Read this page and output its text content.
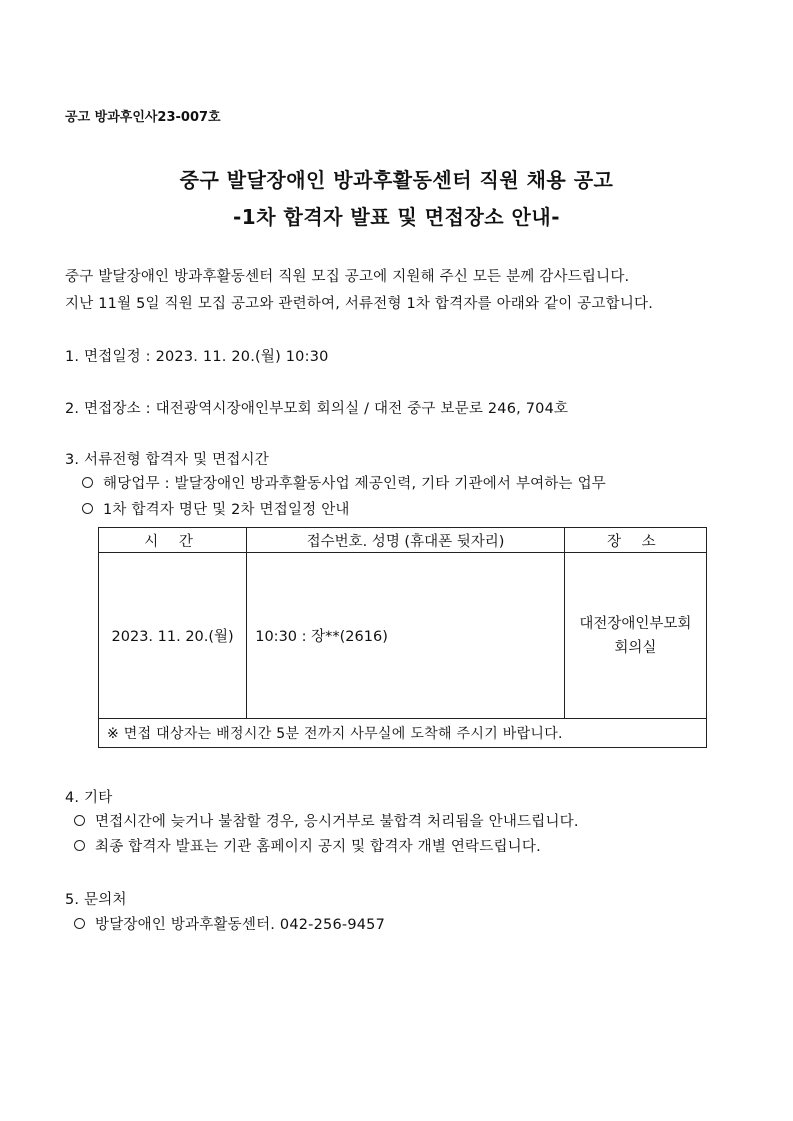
공고 방과후인사23-007호
중구 발달장애인 방과후활동센터 직원 채용 공고
-1차 합격자 발표 및 면접장소 안내-
중구 발달장애인 방과후활동센터 직원 모집 공고에 지원해 주신 모든 분께 감사드립니다.
지난 11월 5일 직원 모집 공고와 관련하여, 서류전형 1차 합격자를 아래와 같이 공고합니다.
1. 면접일정 : 2023. 11. 20.(월) 10:30
2. 면접장소 : 대전광역시장애인부모회 회의실 / 대전 중구 보문로 246, 704호
3. 서류전형 합격자 및 면접시간
해당업무 : 발달장애인 방과후활동사업 제공인력, 기타 기관에서 부여하는 업무
1차 합격자 명단 및 2차 면접일정 안내
시 간	접수번호. 성명 (휴대폰 뒷자리)	장 소
2023. 11. 20.(월)	10:30 : 장**(2616)	대전장애인부모회
회의실

※ 면접 대상자는 배정시간 5분 전까지 사무실에 도착해 주시기 바랍니다.		
4. 기타
면접시간에 늦거나 불참할 경우, 응시거부로 불합격 처리됨을 안내드립니다.
최종 합격자 발표는 기관 홈페이지 공지 및 합격자 개별 연락드립니다.
5. 문의처
방달장애인 방과후활동센터. 042-256-9457
